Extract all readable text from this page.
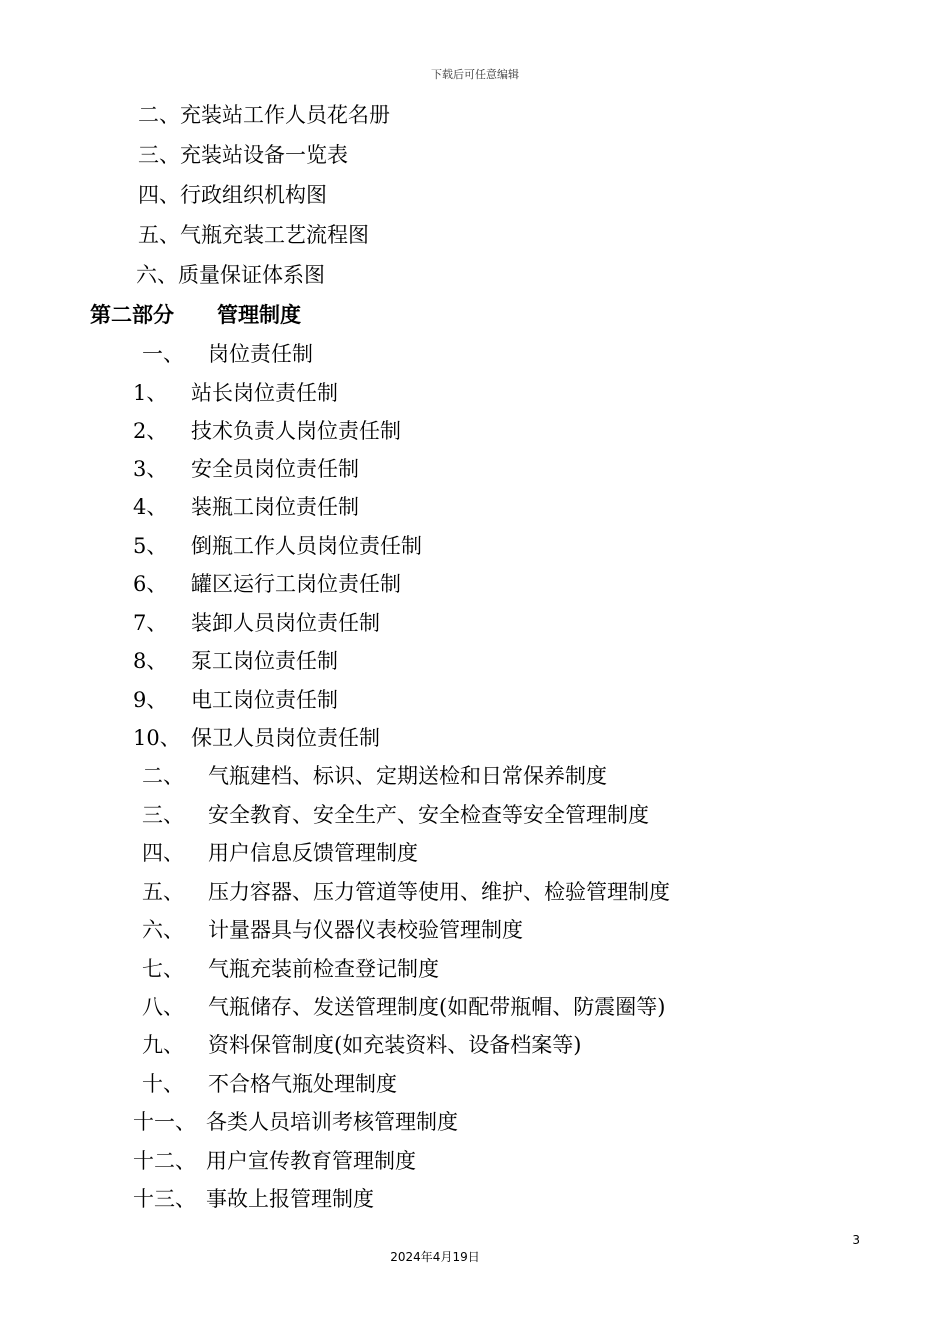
下载后可任意编辑
二、充装站工作人员花名册
三、充装站设备一览表
四、行政组织机构图
五、气瓶充装工艺流程图
六、质量保证体系图
第二部分 管理制度
一、 岗位责任制
1、 站长岗位责任制
2、 技术负责人岗位责任制
3、 安全员岗位责任制
4、 装瓶工岗位责任制
5、 倒瓶工作人员岗位责任制
6、 罐区运行工岗位责任制
7、 装卸人员岗位责任制
8、 泵工岗位责任制
9、 电工岗位责任制
10、 保卫人员岗位责任制
二、 气瓶建档、标识、定期送检和日常保养制度
三、 安全教育、安全生产、安全检查等安全管理制度
四、 用户信息反馈管理制度
五、 压力容器、压力管道等使用、维护、检验管理制度
六、 计量器具与仪器仪表校验管理制度
七、 气瓶充装前检查登记制度
八、 气瓶储存、发送管理制度(如配带瓶帽、防震圈等)
九、 资料保管制度(如充装资料、设备档案等)
十、 不合格气瓶处理制度
十一、 各类人员培训考核管理制度
十二、 用户宣传教育管理制度
十三、 事故上报管理制度
3
2024年4月19日
